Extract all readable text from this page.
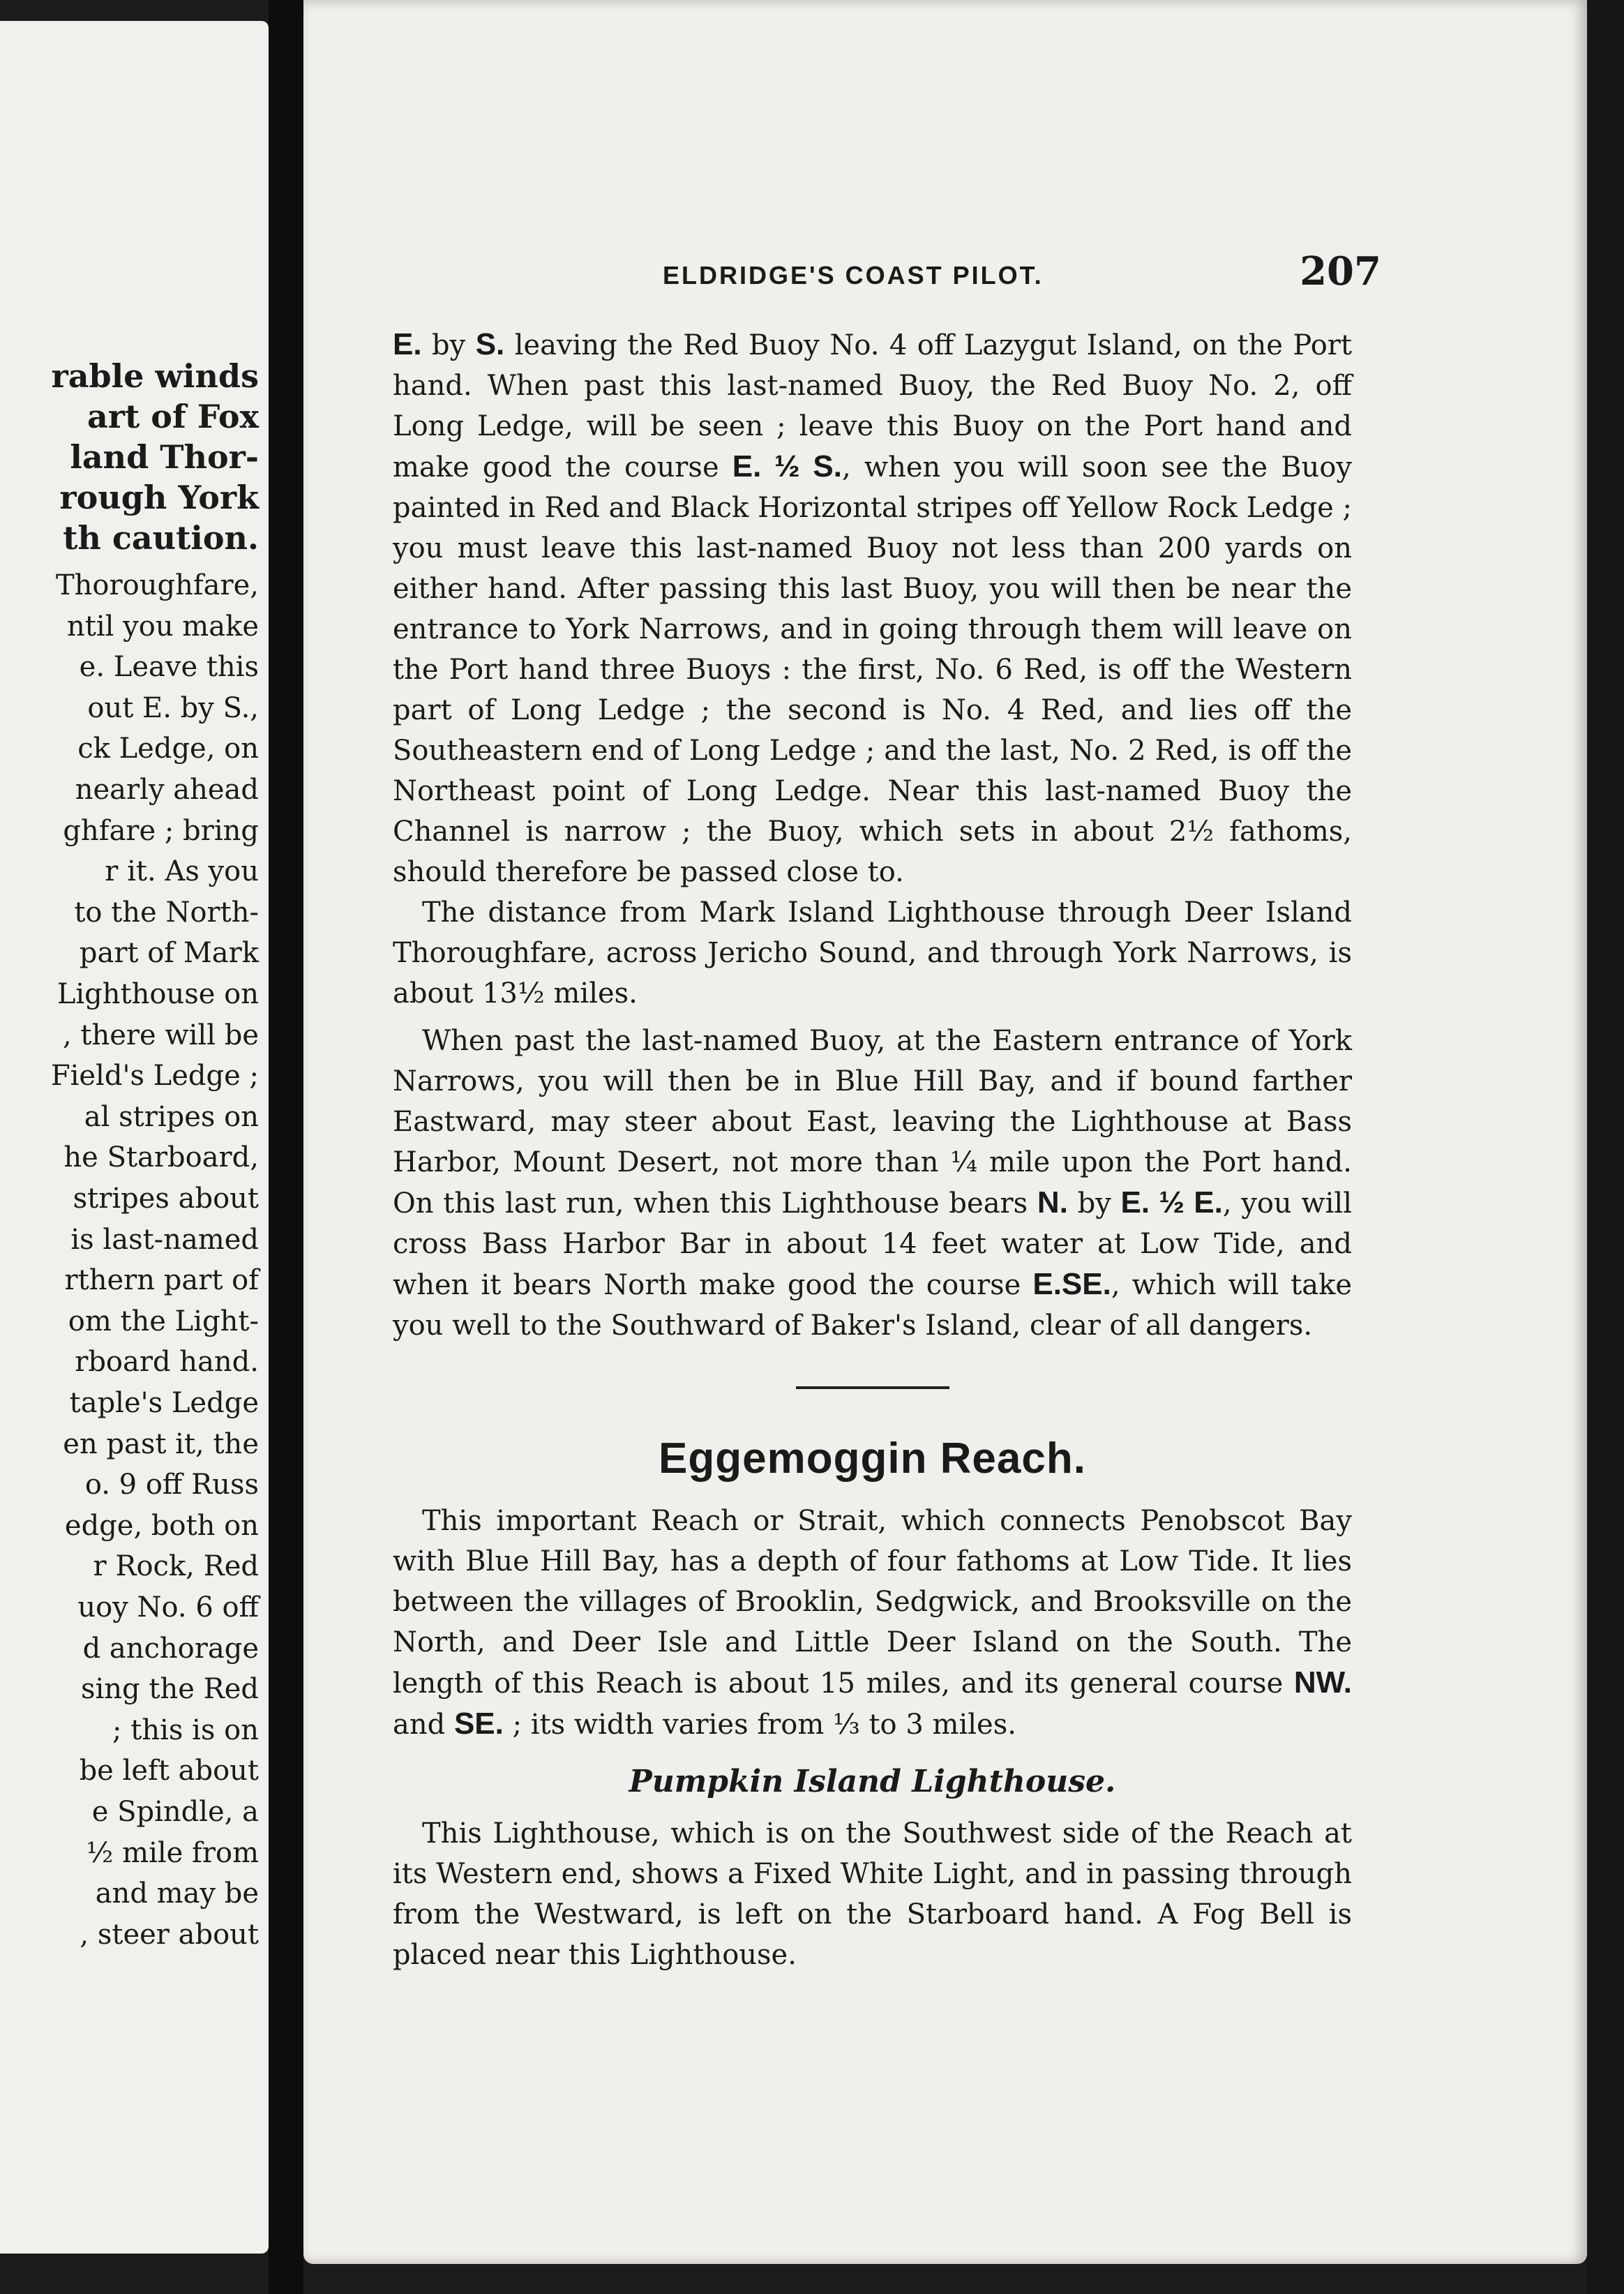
rable winds
art of Fox
land Thor-
rough York
th caution.
Thoroughfare,
ntil you make
e. Leave this
out E. by S.,
ck Ledge, on
nearly ahead
ghfare ; bring
r it. As you
to the North-
part of Mark
Lighthouse on
, there will be
Field's Ledge ;
al stripes on
he Starboard,
stripes about
is last-named
rthern part of
om the Light-
rboard hand.
taple's Ledge
en past it, the
o. 9 off Russ
edge, both on
r Rock, Red
uoy No. 6 off
d anchorage
sing the Red
; this is on
be left about
e Spindle, a
½ mile from
and may be
, steer about
ELDRIDGE'S COAST PILOT.	207

E. by S. leaving the Red Buoy No. 4 off Lazygut Island, on the Port hand. When past this last-named Buoy, the Red Buoy No. 2, off Long Ledge, will be seen ; leave this Buoy on the Port hand and make good the course E. ½ S., when you will soon see the Buoy painted in Red and Black Horizontal stripes off Yellow Rock Ledge ; you must leave this last-named Buoy not less than 200 yards on either hand. After passing this last Buoy, you will then be near the entrance to York Narrows, and in going through them will leave on the Port hand three Buoys : the first, No. 6 Red, is off the Western part of Long Ledge ; the second is No. 4 Red, and lies off the Southeastern end of Long Ledge ; and the last, No. 2 Red, is off the Northeast point of Long Ledge. Near this last-named Buoy the Channel is narrow ; the Buoy, which sets in about 2½ fathoms, should therefore be passed close to.

The distance from Mark Island Lighthouse through Deer Island Thoroughfare, across Jericho Sound, and through York Narrows, is about 13½ miles.

When past the last-named Buoy, at the Eastern entrance of York Narrows, you will then be in Blue Hill Bay, and if bound farther Eastward, may steer about East, leaving the Lighthouse at Bass Harbor, Mount Desert, not more than ¼ mile upon the Port hand. On this last run, when this Lighthouse bears N. by E. ½ E., you will cross Bass Harbor Bar in about 14 feet water at Low Tide, and when it bears North make good the course E.SE., which will take you well to the Southward of Baker's Island, clear of all dangers.

Eggemoggin Reach.

This important Reach or Strait, which connects Penobscot Bay with Blue Hill Bay, has a depth of four fathoms at Low Tide. It lies between the villages of Brooklin, Sedgwick, and Brooksville on the North, and Deer Isle and Little Deer Island on the South. The length of this Reach is about 15 miles, and its general course NW. and SE. ; its width varies from ⅓ to 3 miles.

Pumpkin Island Lighthouse.

This Lighthouse, which is on the Southwest side of the Reach at its Western end, shows a Fixed White Light, and in passing through from the Westward, is left on the Starboard hand. A Fog Bell is placed near this Lighthouse.
